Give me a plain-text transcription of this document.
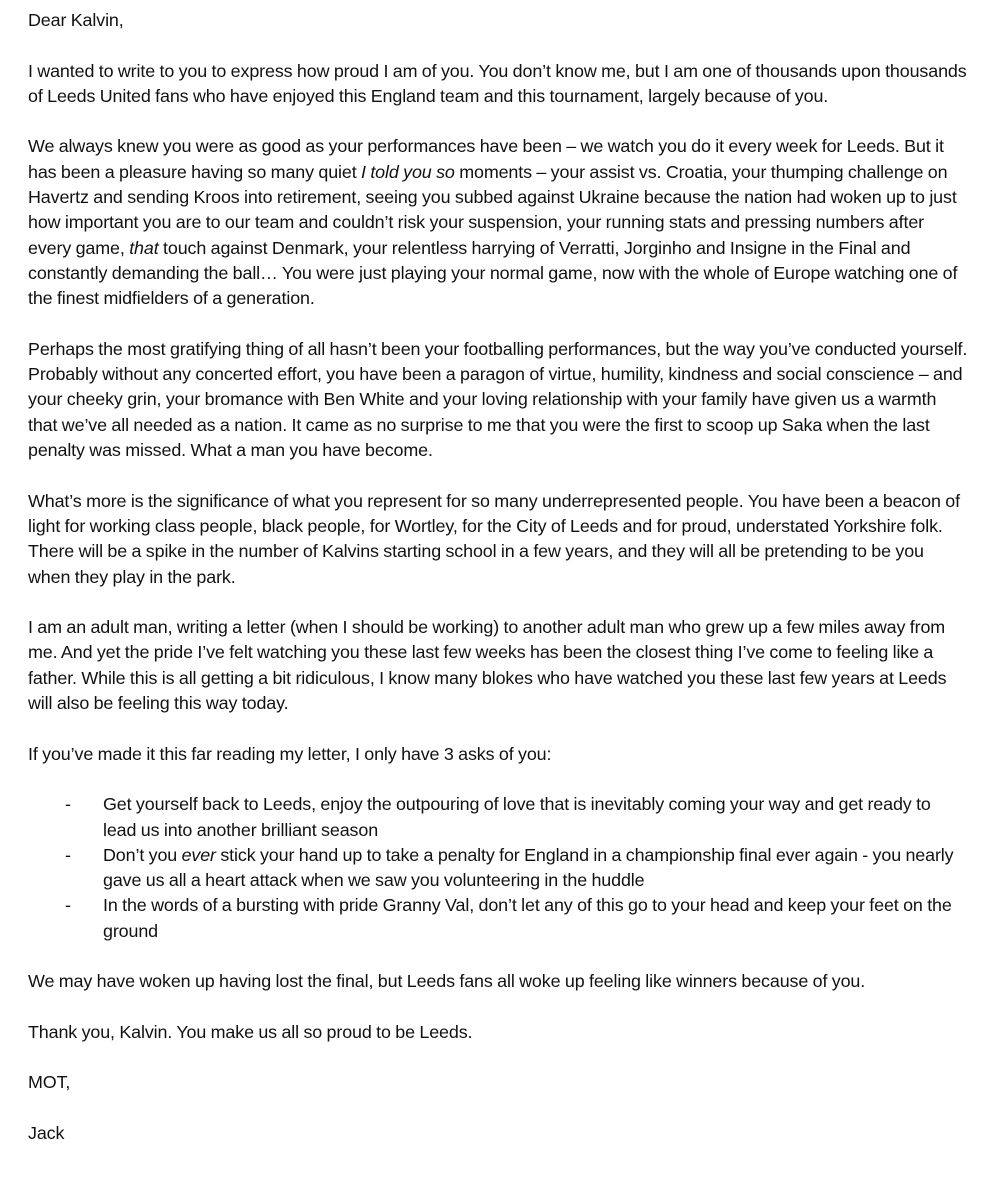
Dear Kalvin,

I wanted to write to you to express how proud I am of you. You don’t know me, but I am one of thousands upon thousands of Leeds United fans who have enjoyed this England team and this tournament, largely because of you.

We always knew you were as good as your performances have been – we watch you do it every week for Leeds. But it has been a pleasure having so many quiet I told you so moments – your assist vs. Croatia, your thumping challenge on Havertz and sending Kroos into retirement, seeing you subbed against Ukraine because the nation had woken up to just how important you are to our team and couldn’t risk your suspension, your running stats and pressing numbers after every game, that touch against Denmark, your relentless harrying of Verratti, Jorginho and Insigne in the Final and constantly demanding the ball… You were just playing your normal game, now with the whole of Europe watching one of the finest midfielders of a generation.

Perhaps the most gratifying thing of all hasn’t been your footballing performances, but the way you’ve conducted yourself. Probably without any concerted effort, you have been a paragon of virtue, humility, kindness and social conscience – and your cheeky grin, your bromance with Ben White and your loving relationship with your family have given us a warmth that we’ve all needed as a nation. It came as no surprise to me that you were the first to scoop up Saka when the last penalty was missed. What a man you have become.

What’s more is the significance of what you represent for so many underrepresented people. You have been a beacon of light for working class people, black people, for Wortley, for the City of Leeds and for proud, understated Yorkshire folk. There will be a spike in the number of Kalvins starting school in a few years, and they will all be pretending to be you when they play in the park.

I am an adult man, writing a letter (when I should be working) to another adult man who grew up a few miles away from me. And yet the pride I’ve felt watching you these last few weeks has been the closest thing I’ve come to feeling like a father. While this is all getting a bit ridiculous, I know many blokes who have watched you these last few years at Leeds will also be feeling this way today.

If you’ve made it this far reading my letter, I only have 3 asks of you:

- Get yourself back to Leeds, enjoy the outpouring of love that is inevitably coming your way and get ready to lead us into another brilliant season
- Don’t you ever stick your hand up to take a penalty for England in a championship final ever again - you nearly gave us all a heart attack when we saw you volunteering in the huddle
- In the words of a bursting with pride Granny Val, don’t let any of this go to your head and keep your feet on the ground

We may have woken up having lost the final, but Leeds fans all woke up feeling like winners because of you.

Thank you, Kalvin. You make us all so proud to be Leeds.

MOT,

Jack
